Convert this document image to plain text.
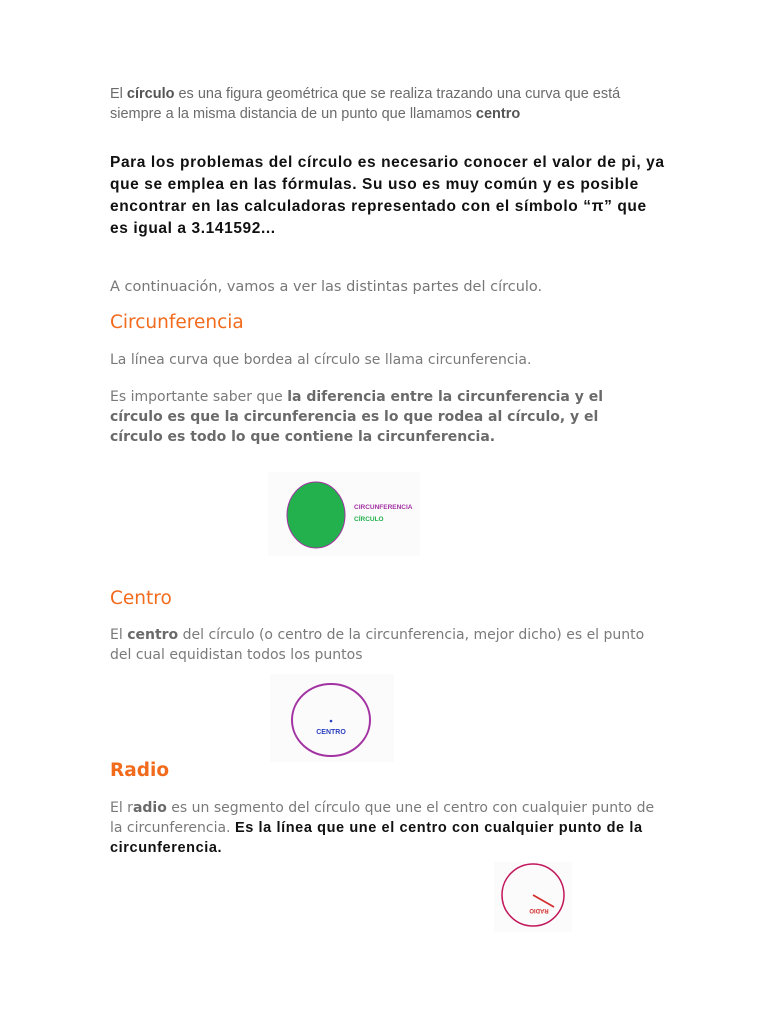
El círculo es una figura geométrica que se realiza trazando una curva que está siempre a la misma distancia de un punto que llamamos centro

Para los problemas del círculo es necesario conocer el valor de pi, ya que se emplea en las fórmulas. Su uso es muy común y es posible encontrar en las calculadoras representado con el símbolo “π” que es igual a 3.141592...

A continuación, vamos a ver las distintas partes del círculo.

Circunferencia

La línea curva que bordea al círculo se llama circunferencia.

Es importante saber que la diferencia entre la circunferencia y el círculo es que la circunferencia es lo que rodea al círculo, y el círculo es todo lo que contiene la circunferencia.

CIRCUNFERENCIA
CÍRCULO
Centro

El centro del círculo (o centro de la circunferencia, mejor dicho) es el punto del cual equidistan todos los puntos

CENTRO
Radio

El radio es un segmento del círculo que une el centro con cualquier punto de la circunferencia. Es la línea que une el centro con cualquier punto de la circunferencia.

RADIO
